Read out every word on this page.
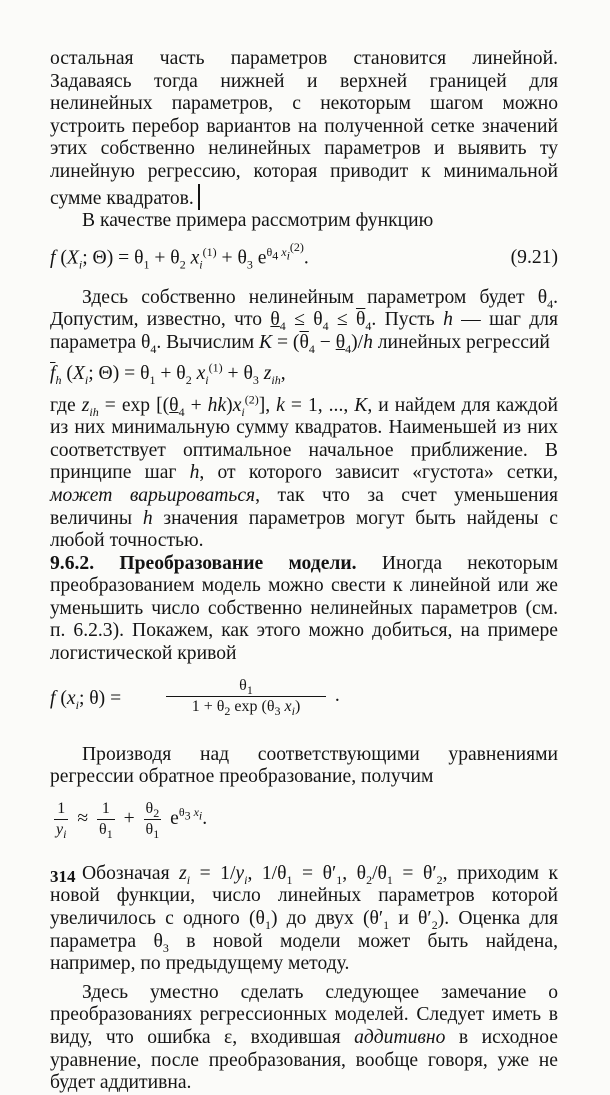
остальная часть параметров становится линейной. Задаваясь тогда нижней и верхней границей для нелинейных параметров, с некоторым шагом можно устроить перебор вариантов на полученной сетке значений этих собственно нелинейных параметров и выявить ту линейную регрессию, которая приводит к минимальной сумме квадратов.

В качестве примера рассмотрим функцию

f ($X_i$; $\Theta) = \theta_1 + \theta_2$ $x_i^{(1)} + \theta_3$ $e^{\theta_4 x_i^{(2)}}$.	(9.21)

Здесь собственно нелинейным параметром будет $\theta_4$. Допустим, известно, что $\theta_4 \le \theta_4 \le \overline{\theta}_4$. Пусть h — шаг для параметра $\theta_4$. Вычислим $K = (\overline{\theta}_4 - \theta_4)/h$ линейных регрессий

$\overline{f}_h$ ($X_i$; $\Theta) = \theta_1 + \theta_2$ $x_i^{(1)} + \theta_3$ $z_{ih}$,

где $z_{ih} = \exp [(\theta_4 + hk)x_i^{(2)}]$, k = 1, ..., K, и найдем для каждой из них минимальную сумму квадратов. Наименьшей из них соответствует оптимальное начальное приближение. В принципе шаг h, от которого зависит «густота» сетки, может варьироваться, так что за счет уменьшения величины h значения параметров могут быть найдены с любой точностью.

9.6.2. Преобразование модели. Иногда некоторым преобразованием модель можно свести к линейной или же уменьшить число собственно нелинейных параметров (см. п. 6.2.3). Покажем, как этого можно добиться, на примере логистической кривой

f ($x_i$; θ) =	$\frac{\theta_1}{1 + \theta_2 \exp (\theta_3 x_i)}$ .

Производя над соответствующими уравнениями регрессии обратное преобразование, получим

$\frac{1}{y_i} \approx \frac{1}{\theta_1} + \frac{\theta_2}{\theta_1} e^{\theta_3 x_i}$.

Обозначая $z_i = 1/y_i$, $1/\theta_1 = \theta'_1$, $\theta_2/\theta_1 = \theta'_2$, приходим к новой функции, число линейных параметров которой увеличилось с одного $(\theta_1)$ до двух ($\theta'_1$ и $\theta'_2$). Оценка для параметра $\theta_3$ в новой модели может быть найдена, например, по предыдущему методу.

Здесь уместно сделать следующее замечание о преобразованиях регрессионных моделей. Следует иметь в виду, что ошибка ε, входившая аддитивно в исходное уравнение, после преобразования, вообще говоря, уже не будет аддитивна.

314
